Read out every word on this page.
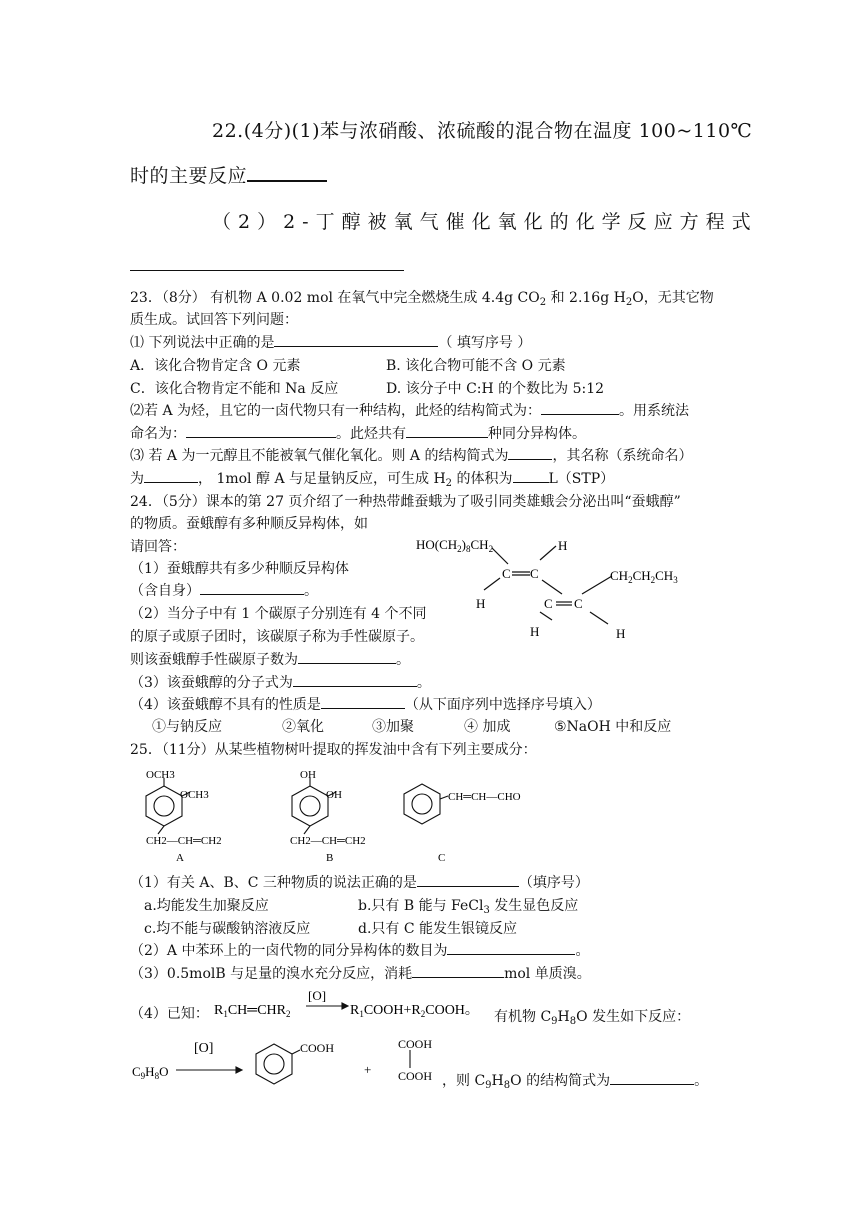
22.(4分)(1)苯与浓硝酸、浓硫酸的混合物在温度 100~110℃
时的主要反应
（2）2-丁醇被氧气催化氧化的化学反应方程式
23．（8分） 有机物 A 0.02 mol 在氧气中完全燃烧生成 4.4g $CO_2$ 和 2.16g $H_2O$，无其它物
质生成。试回答下列问题：
⑴ 下列说法中正确的是	（ 填写序号 ）
A．该化合物肯定含 O 元素	B. 该化合物可能不含 O 元素
C．该化合物肯定不能和 Na 反应	D. 该分子中 C:H 的个数比为 5:12
⑵若 A 为烃，且它的一卤代物只有一种结构，此烃的结构简式为：	。用系统法
命名为：	。此烃共有	种同分异构体。
⑶ 若 A 为一元醇且不能被氧气催化氧化。则 A 的结构简式为	，其名称（系统命名）
为	， 1mol 醇 A 与足量钠反应，可生成 $H_2$ 的体积为	L（STP）
24．（5分）课本的第 27 页介绍了一种热带雌蚕蛾为了吸引同类雄蛾会分泌出叫“蚕蛾醇”
的物质。蚕蛾醇有多种顺反异构体，如
请回答：
（1）蚕蛾醇共有多少种顺反异构体
（含自身）	。
（2）当分子中有 1 个碳原子分别连有 4 个不同
的原子或原子团时，该碳原子称为手性碳原子。
则该蚕蛾醇手性碳原子数为	。
（3）该蚕蛾醇的分子式为	。
（4）该蚕蛾醇不具有的性质是	（从下面序列中选择序号填入）
①与钠反应	②氧化	③加聚	④ 加成	⑤NaOH 中和反应
$HO(CH_2)_8CH_2$	H
C C	$CH_2CH_2CH_3$
H	C C
H	H
25．（11分）从某些植物树叶提取的挥发油中含有下列主要成分：
OCH3
OCH3
CH2—CH═CH2
A
OH
OH
CH2—CH═CH2
B
CH═CH—CHO
C
（1）有关 A、B、C 三种物质的说法正确的是	（填序号）
a.均能发生加聚反应	b.只有 B 能与 FeCl$_3$ 发生显色反应
c.均不能与碳酸钠溶液反应	d.只有 C 能发生银镜反应
（2）A 中苯环上的一卤代物的同分异构体的数目为	。
（3）0.5molB 与足量的溴水充分反应，消耗	mol 单质溴。
（4）已知： $R_1CH═CHR_2$
[O]
$R_1COOH+R_2COOH$。 有机物 $C_9H_8O$ 发生如下反应：
$C_9H_8O$
[O]	COOH
+
COOH
COOH ，则 $C_9H_8O$ 的结构简式为	。
